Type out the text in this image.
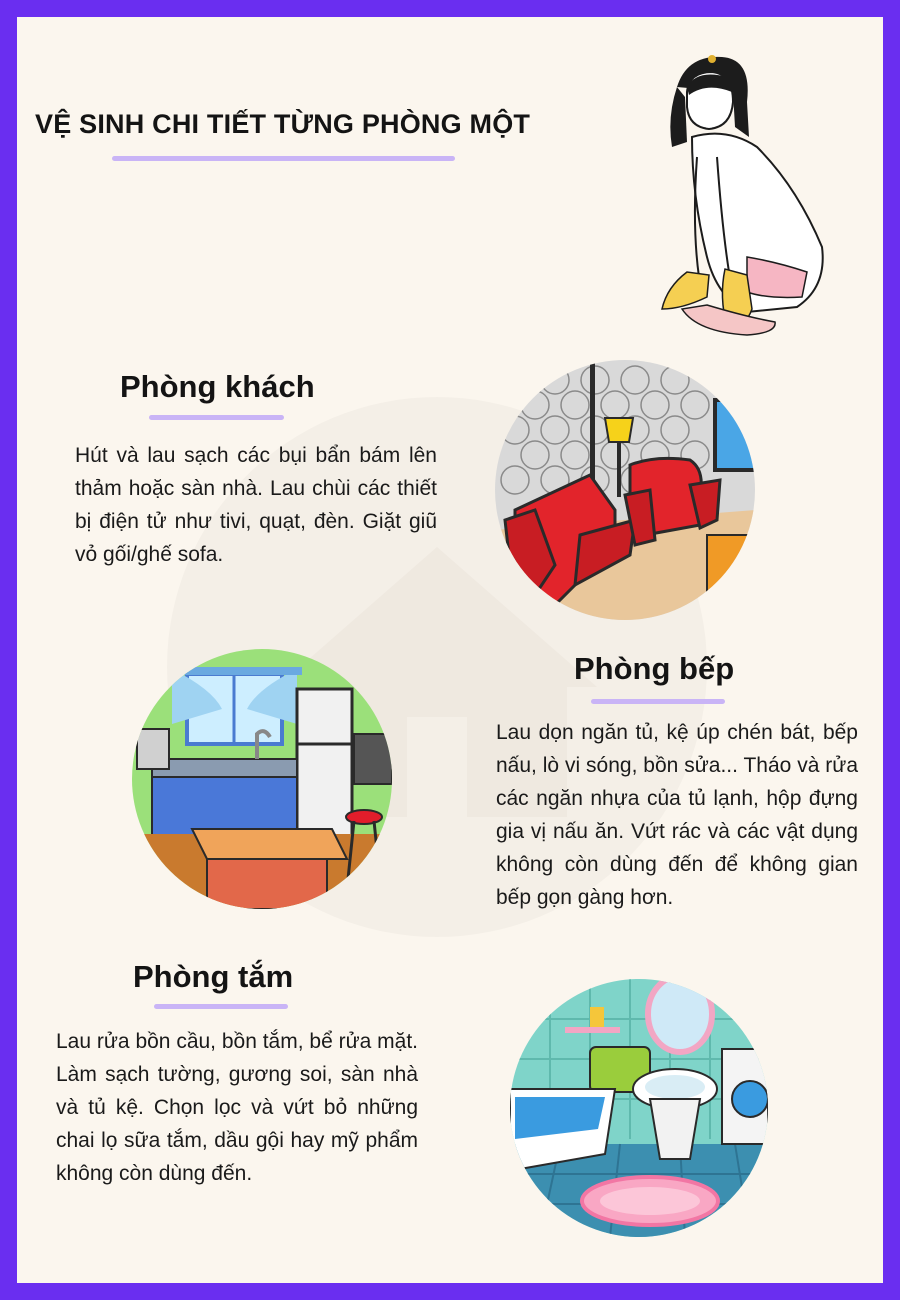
VỆ SINH CHI TIẾT TỪNG PHÒNG MỘT
Phòng khách
Hút và lau sạch các bụi bẩn bám lên thảm hoặc sàn nhà. Lau chùi các thiết bị điện tử như tivi, quạt, đèn. Giặt giũ vỏ gối/ghế sofa.
Phòng bếp
Lau dọn ngăn tủ, kệ úp chén bát, bếp nấu, lò vi sóng, bồn sửa... Tháo và rửa các ngăn nhựa của tủ lạnh, hộp đựng gia vị nấu ăn. Vứt rác và các vật dụng không còn dùng đến để không gian bếp gọn gàng hơn.
Phòng tắm
Lau rửa bồn cầu, bồn tắm, bể rửa mặt. Làm sạch tường, gương soi, sàn nhà và tủ kệ. Chọn lọc và vứt bỏ những chai lọ sữa tắm, dầu gội hay mỹ phẩm không còn dùng đến.
